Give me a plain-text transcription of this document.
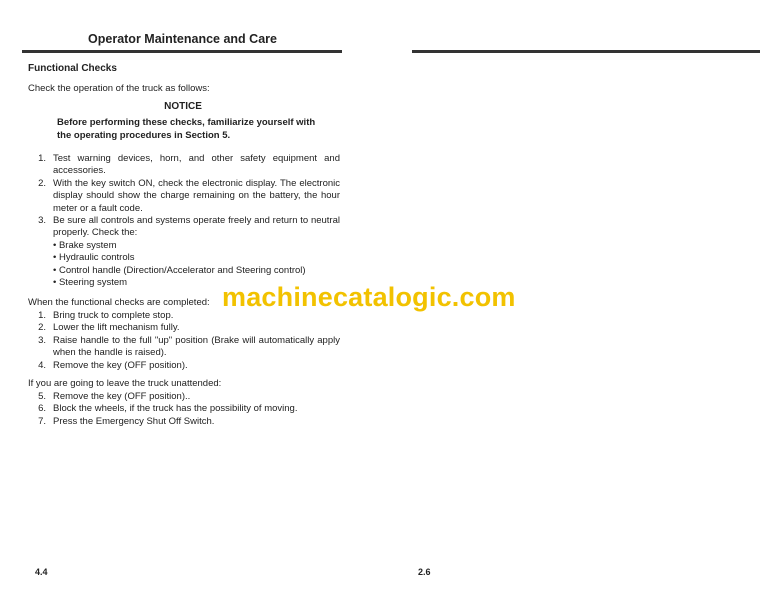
Operator Maintenance and Care
Functional Checks
Check the operation of the truck as follows:
NOTICE
Before performing these checks, familiarize yourself with the operating procedures in Section 5.
1. Test warning devices, horn, and other safety equipment and accessories.
2. With the key switch ON, check the electronic display. The electronic display should show the charge remaining on the battery, the hour meter or a fault code.
3. Be sure all controls and systems operate freely and return to neutral properly. Check the:
• Brake system
• Hydraulic controls
• Control handle (Direction/Accelerator and Steering control)
• Steering system
When the functional checks are completed:
1. Bring truck to complete stop.
2. Lower the lift mechanism fully.
3. Raise handle to the full "up" position (Brake will automatically apply when the handle is raised).
4. Remove the key (OFF position).
If you are going to leave the truck unattended:
5. Remove the key (OFF position)..
6. Block the wheels, if the truck has the possibility of moving.
7. Press the Emergency Shut Off Switch.
machinecatalogic.com
4.4	2.6
